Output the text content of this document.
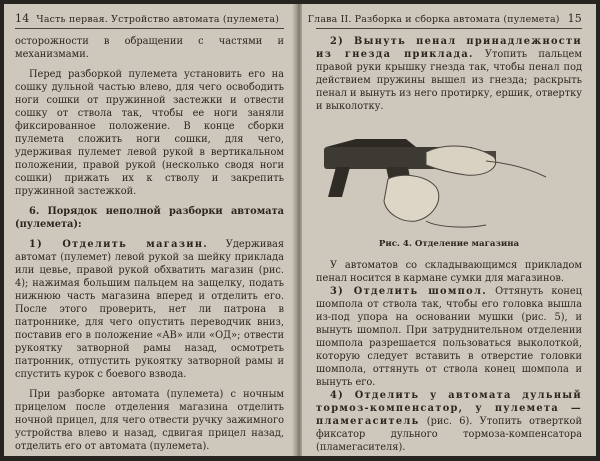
14 Часть первая. Устройство автомата (пулемета)

осторожности в обращении с частями и механизмами.

Перед разборкой пулемета установить его на сошку дульной частью влево, для чего освободить ноги сошки от пружинной застежки и отвести сошку от ствола так, чтобы ее ноги заняли фиксированное положение. В конце сборки пулемета сложить ноги сошки, для чего, удерживая пулемет левой рукой в вертикальном положении, правой рукой (несколько сводя ноги сошки) прижать их к стволу и закрепить пружинной застежкой.

6. Порядок неполной разборки автомата (пулемета):

1) Отделить магазин. Удерживая автомат (пулемет) левой рукой за шейку приклада или цевье, правой рукой обхватить магазин (рис. 4); нажимая большим пальцем на защелку, подать нижнюю часть магазина вперед и отделить его. После этого проверить, нет ли патрона в патроннике, для чего опустить переводчик вниз, поставив его в положение «АВ» или «ОД»; отвести рукоятку затворной рамы назад, осмотреть патронник, отпустить рукоятку затворной рамы и спустить курок с боевого взвода.

При разборке автомата (пулемета) с ночным прицелом после отделения магазина отделить ночной прицел, для чего отвести ручку зажимного устройства влево и назад, сдвигая прицел назад, отделить его от автомата (пулемета).

Глава II. Разборка и сборка автомата (пулемета) 15

2) Вынуть пенал принадлежности из гнезда приклада. Утопить пальцем правой руки крышку гнезда так, чтобы пенал под действием пружины вышел из гнезда; раскрыть пенал и вынуть из него протирку, ершик, отвертку и выколотку.

Рис. 4. Отделение магазина

У автоматов со складывающимся прикладом пенал носится в кармане сумки для магазинов.

3) Отделить шомпол. Оттянуть конец шомпола от ствола так, чтобы его головка вышла из-под упора на основании мушки (рис. 5), и вынуть шомпол. При затруднительном отделении шомпола разрешается пользоваться выколоткой, которую следует вставить в отверстие головки шомпола, оттянуть от ствола конец шомпола и вынуть его.

4) Отделить у автомата дульный тормоз-компенсатор, у пулемета — пламегаситель (рис. 6). Утопить отверткой фиксатор дульного тормоза-компенсатора (пламегасителя).
